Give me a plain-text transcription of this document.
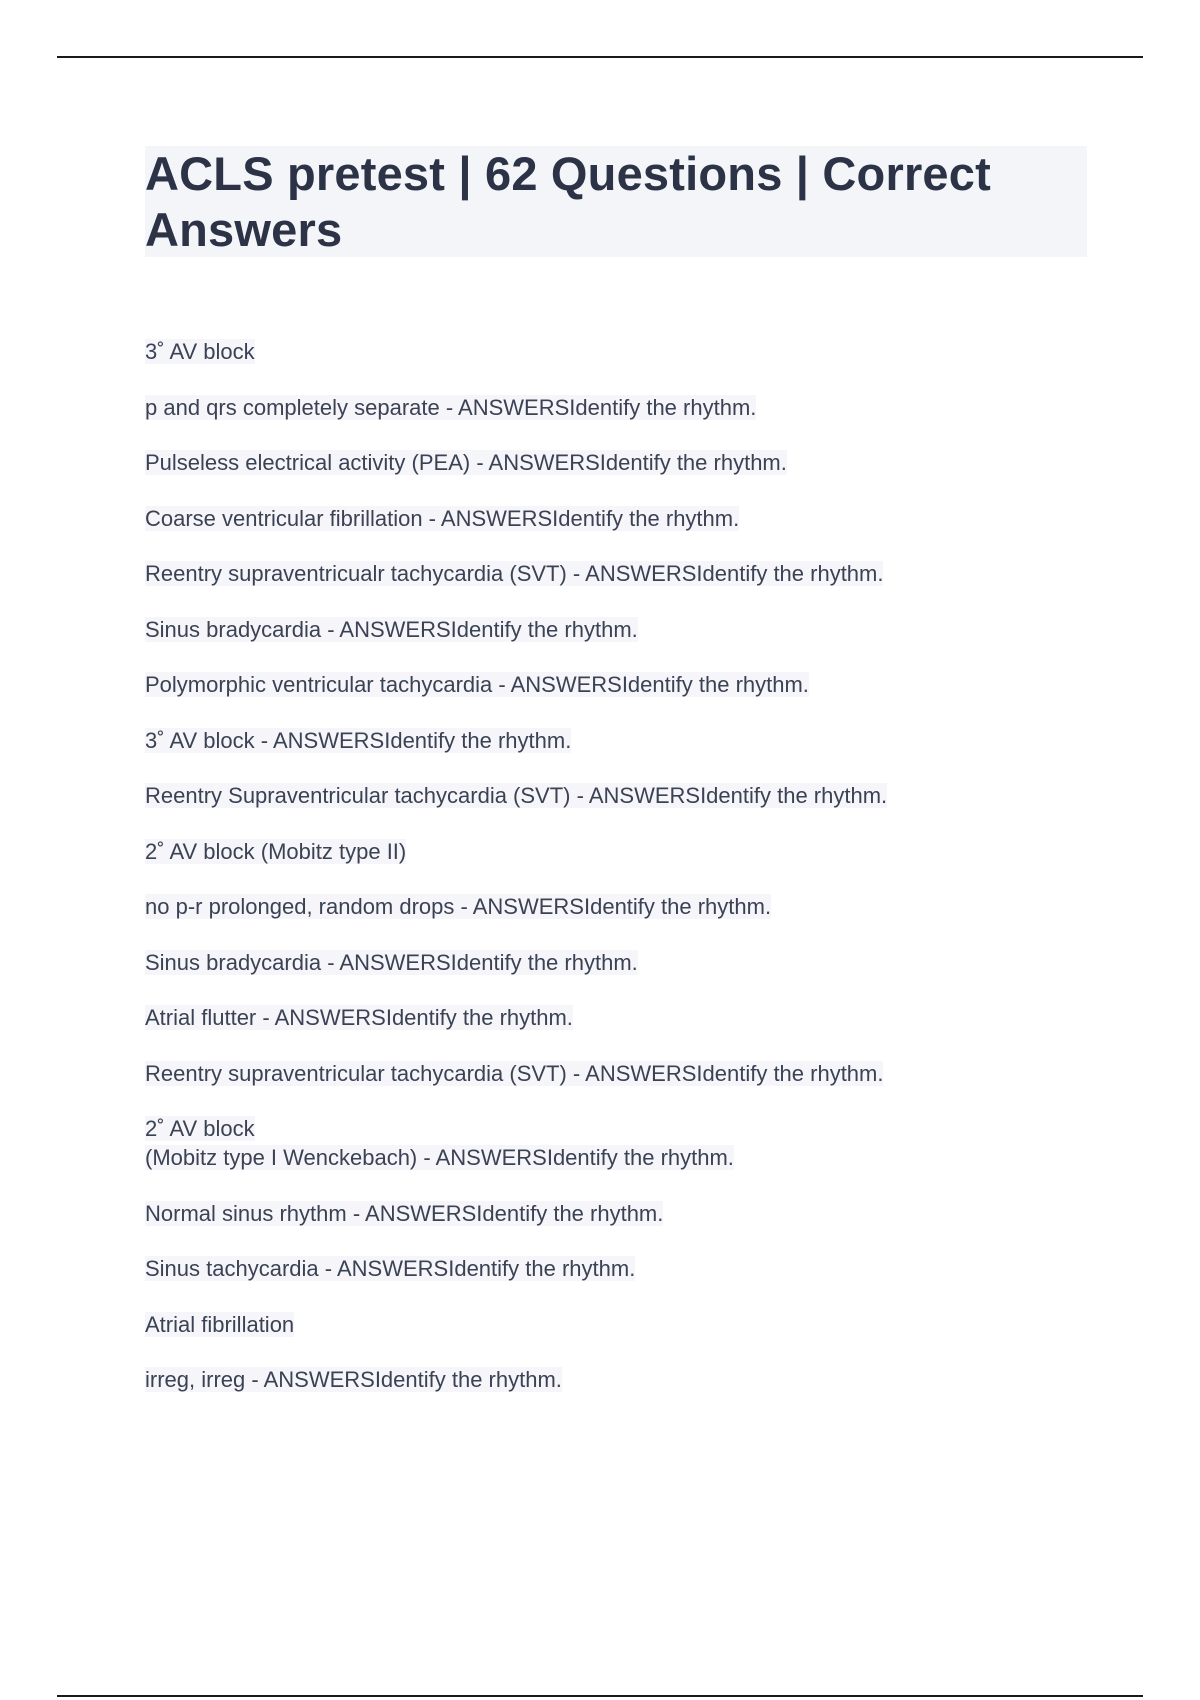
ACLS pretest | 62 Questions | Correct Answers

3˚ AV block

p and qrs completely separate - ANSWERSIdentify the rhythm.

Pulseless electrical activity (PEA) - ANSWERSIdentify the rhythm.

Coarse ventricular fibrillation - ANSWERSIdentify the rhythm.

Reentry supraventricualr tachycardia (SVT) - ANSWERSIdentify the rhythm.

Sinus bradycardia - ANSWERSIdentify the rhythm.

Polymorphic ventricular tachycardia - ANSWERSIdentify the rhythm.

3˚ AV block - ANSWERSIdentify the rhythm.

Reentry Supraventricular tachycardia (SVT) - ANSWERSIdentify the rhythm.

2˚ AV block (Mobitz type II)

no p-r prolonged, random drops - ANSWERSIdentify the rhythm.

Sinus bradycardia - ANSWERSIdentify the rhythm.

Atrial flutter - ANSWERSIdentify the rhythm.

Reentry supraventricular tachycardia (SVT) - ANSWERSIdentify the rhythm.

2˚ AV block
(Mobitz type I Wenckebach) - ANSWERSIdentify the rhythm.

Normal sinus rhythm - ANSWERSIdentify the rhythm.

Sinus tachycardia - ANSWERSIdentify the rhythm.

Atrial fibrillation

irreg, irreg - ANSWERSIdentify the rhythm.
